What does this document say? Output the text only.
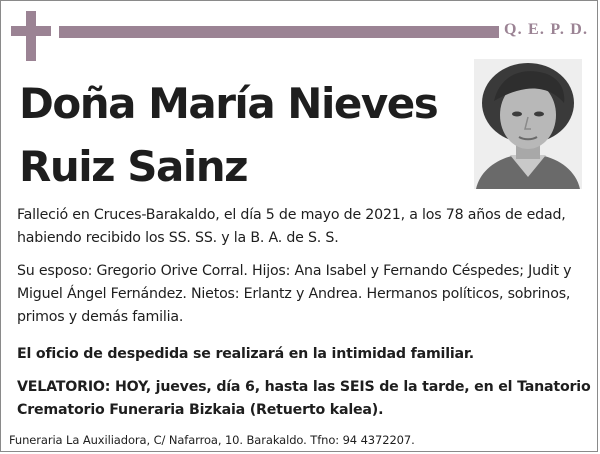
Q. E. P. D.
Doña María Nieves
Ruiz Sainz
Falleció en Cruces-Barakaldo, el día 5 de mayo de 2021, a los 78 años de edad, habiendo recibido los SS. SS. y la B. A. de S. S.
Su esposo: Gregorio Orive Corral. Hijos: Ana Isabel y Fernando Céspedes; Judit y Miguel Ángel Fernández. Nietos: Erlantz y Andrea. Hermanos políticos, sobrinos, primos y demás familia.
El oficio de despedida se realizará en la intimidad familiar.
VELATORIO: HOY, jueves, día 6, hasta las SEIS de la tarde, en el Tanatorio Crematorio Funeraria Bizkaia (Retuerto kalea).
Funeraria La Auxiliadora, C/ Nafarroa, 10. Barakaldo. Tfno: 94 4372207.
